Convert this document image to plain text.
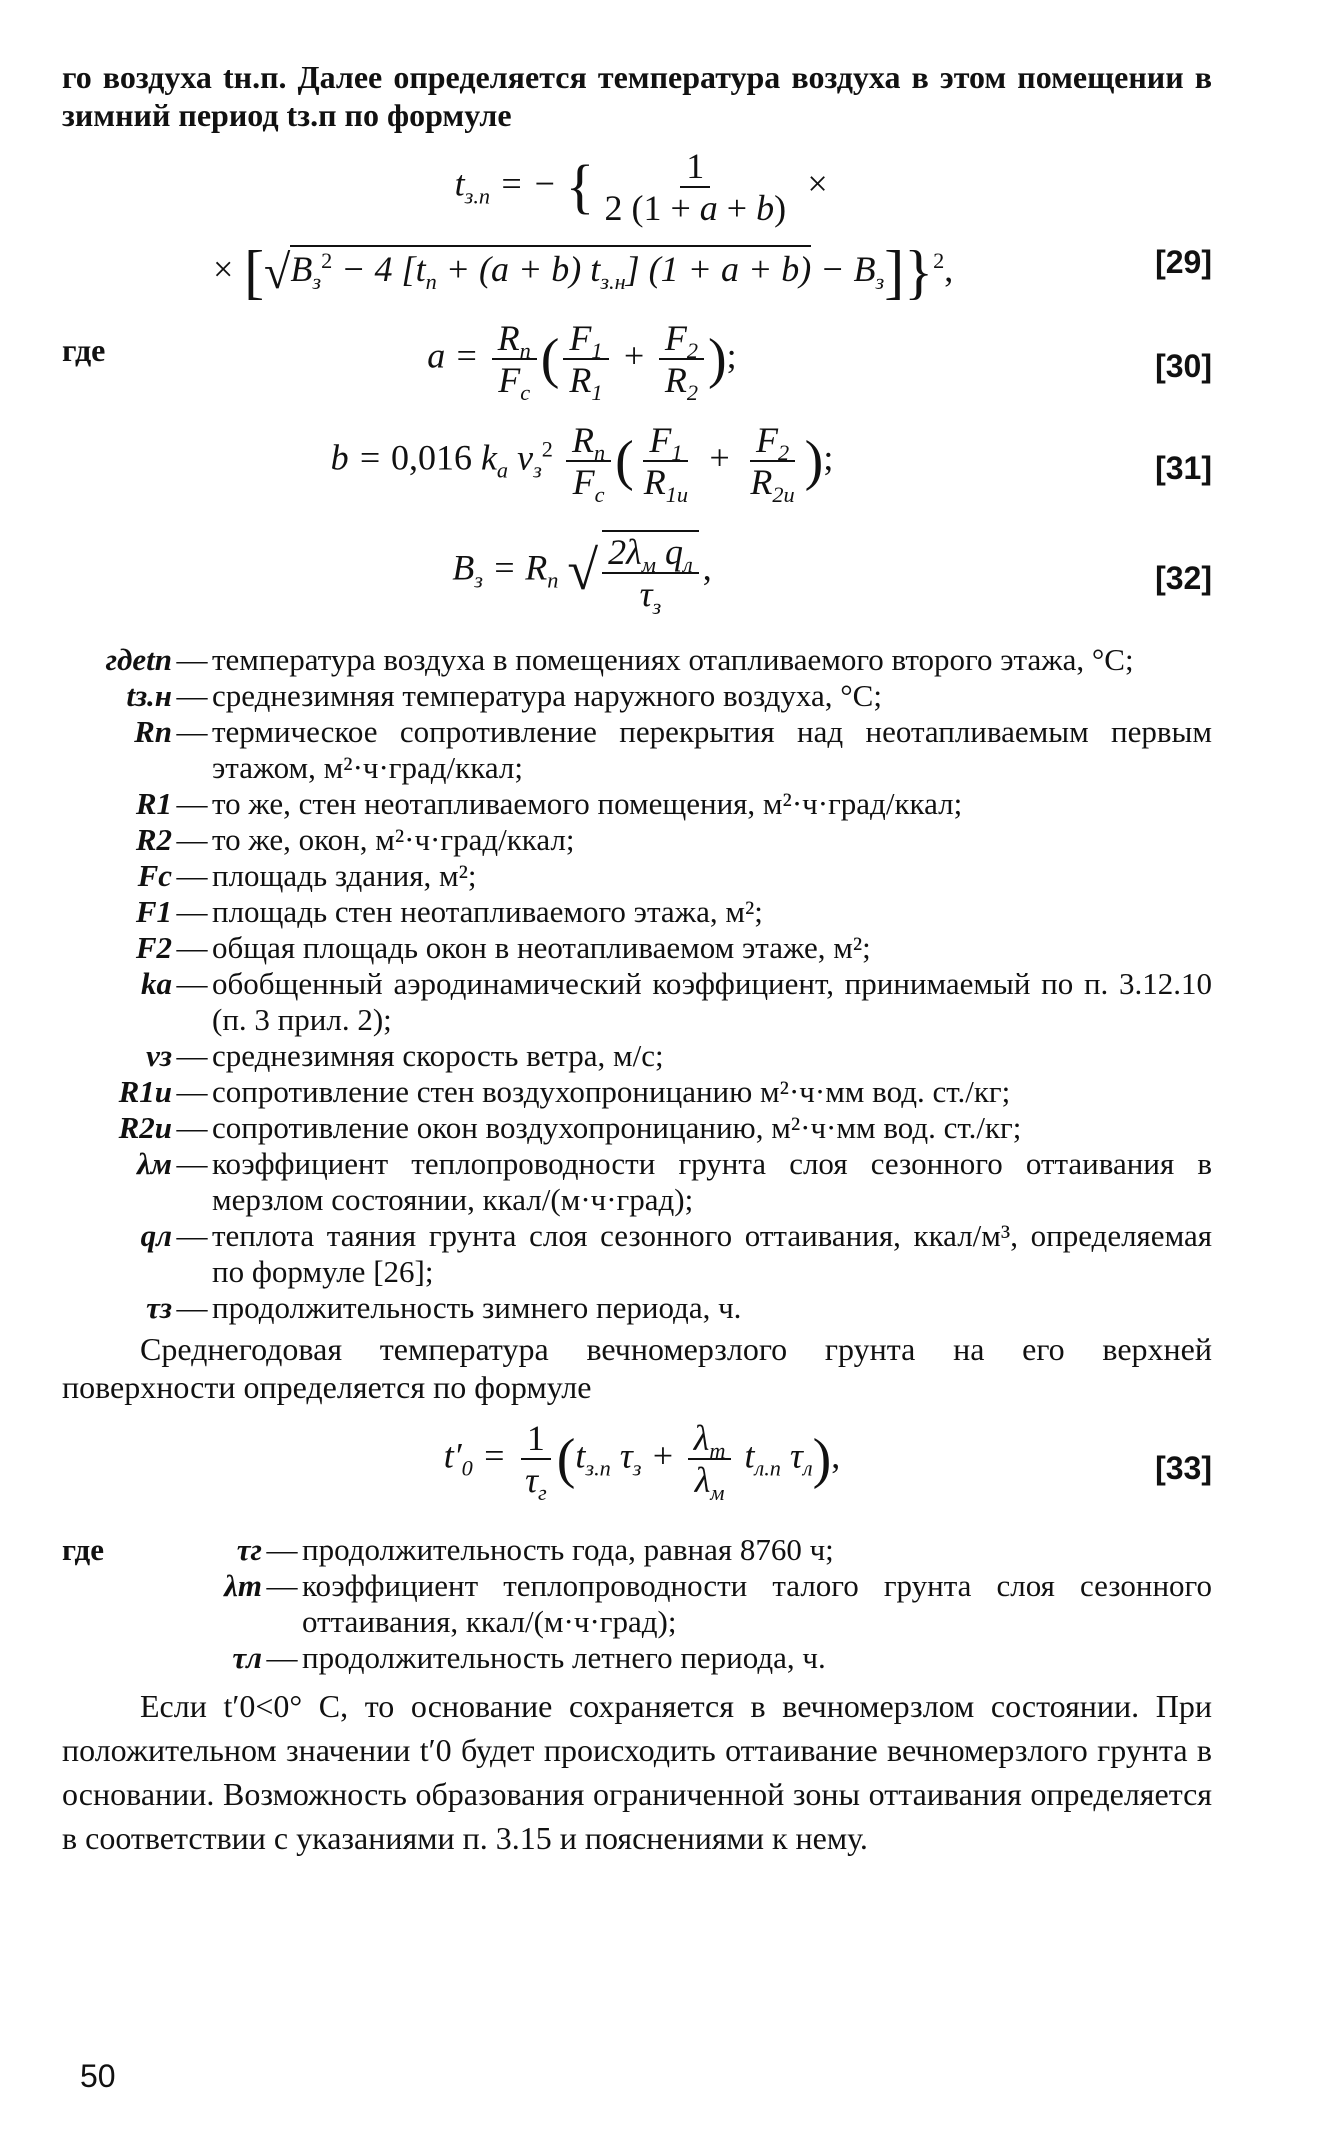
го воздуха tн.п. Далее определяется температура воздуха в этом помещении в зимний период tз.п по формуле

$t_{з.п}$ = − { $\frac{1}{2 (1 + a + b)}$ ×
× [$√B_з^2 - 4$ [$t_п + (a + b)$ $t_{з.н}$] $(1 + a + b) - B_з]\}^2$,	[29]
где	$a = R_п$
$F_с$
( $\frac{F_1}{R_1} + \frac{F_2}{R_2}$ );	[30]
b = 0,016 $k_а$ $v_з^2$ $R_п$
$F_с$
( $F_1$
$R_{1и}$
+ $F_2$
$R_{2и}$
);	[31]
$B_з = R_п$ √ $2\lambda_м$ $q_л$
$\tau_з$
,	[32]
гдеtп — температура воздуха в помещениях отапливаемого второго этажа, °С;
tз.н — среднезимняя температура наружного воздуха, °С;
Rп — термическое сопротивление перекрытия над неотапливаемым первым этажом, м²·ч·град/ккал;
R1 — то же, стен неотапливаемого помещения, м²·ч·град/ккал;
R2 — то же, окон, м²·ч·град/ккал;
Fс — площадь здания, м²;
F1 — площадь стен неотапливаемого этажа, м²;
F2 — общая площадь окон в неотапливаемом этаже, м²;
kа — обобщенный аэродинамический коэффициент, принимаемый по п. 3.12.10 (п. 3 прил. 2);
vз — среднезимняя скорость ветра, м/с;
R1и — сопротивление стен воздухопроницанию м²·ч·мм вод. ст./кг;
R2и — сопротивление окон воздухопроницанию, м²·ч·мм вод. ст./кг;
λм — коэффициент теплопроводности грунта слоя сезонного оттаивания в мерзлом состоянии, ккал/(м·ч·град);
qл — теплота таяния грунта слоя сезонного оттаивания, ккал/м³, определяемая по формуле [26];
τз — продолжительность зимнего периода, ч.

Среднегодовая температура вечномерзлого грунта на его верхней поверхности определяется по формуле

$t'_0 = 1$
$\tau_г$
($t_{з.п}$ $\tau_з + \lambda_т$
$\lambda_м$
$t_{л.п}$ $\tau_л$),	[33]
где	τг — продолжительность года, равная 8760 ч;
λт — коэффициент теплопроводности талого грунта слоя сезонного оттаивания, ккал/(м·ч·град);
τл — продолжительность летнего периода, ч.

Если t′0<0° С, то основание сохраняется в вечномерзлом состоянии. При положительном значении t′0 будет происходить оттаивание вечномерзлого грунта в основании. Возможность образования ограниченной зоны оттаивания определяется в соответствии с указаниями п. 3.15 и пояснениями к нему.

50
